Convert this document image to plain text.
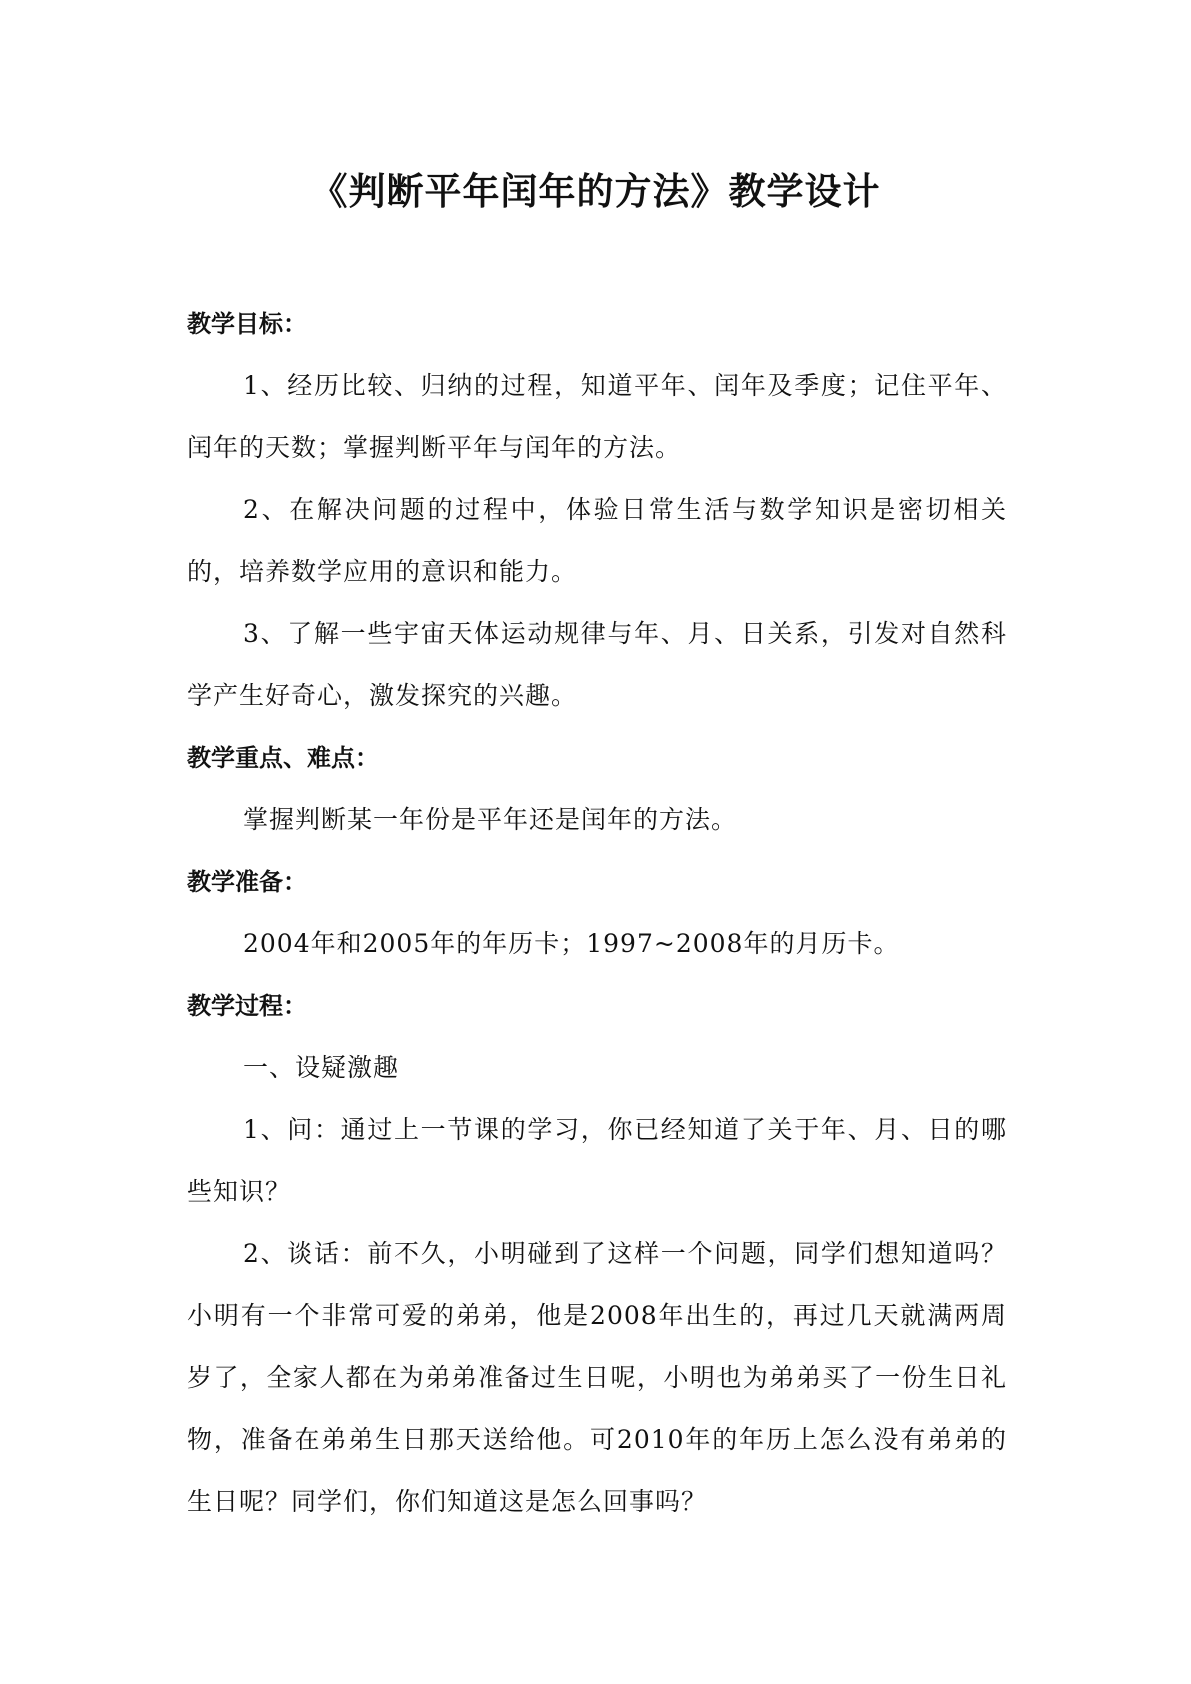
《判断平年闰年的方法》教学设计

教学目标：

1、经历比较、归纳的过程，知道平年、闰年及季度；记住平年、闰年的天数；掌握判断平年与闰年的方法。

2、在解决问题的过程中，体验日常生活与数学知识是密切相关的，培养数学应用的意识和能力。

3、了解一些宇宙天体运动规律与年、月、日关系，引发对自然科学产生好奇心，激发探究的兴趣。

教学重点、难点：

掌握判断某一年份是平年还是闰年的方法。

教学准备：

2004年和2005年的年历卡；1997~2008年的月历卡。

教学过程：

一、设疑激趣

1、问：通过上一节课的学习，你已经知道了关于年、月、日的哪些知识？

2、谈话：前不久，小明碰到了这样一个问题，同学们想知道吗？小明有一个非常可爱的弟弟，他是2008年出生的，再过几天就满两周岁了，全家人都在为弟弟准备过生日呢，小明也为弟弟买了一份生日礼物，准备在弟弟生日那天送给他。可2010年的年历上怎么没有弟弟的生日呢？同学们，你们知道这是怎么回事吗？
